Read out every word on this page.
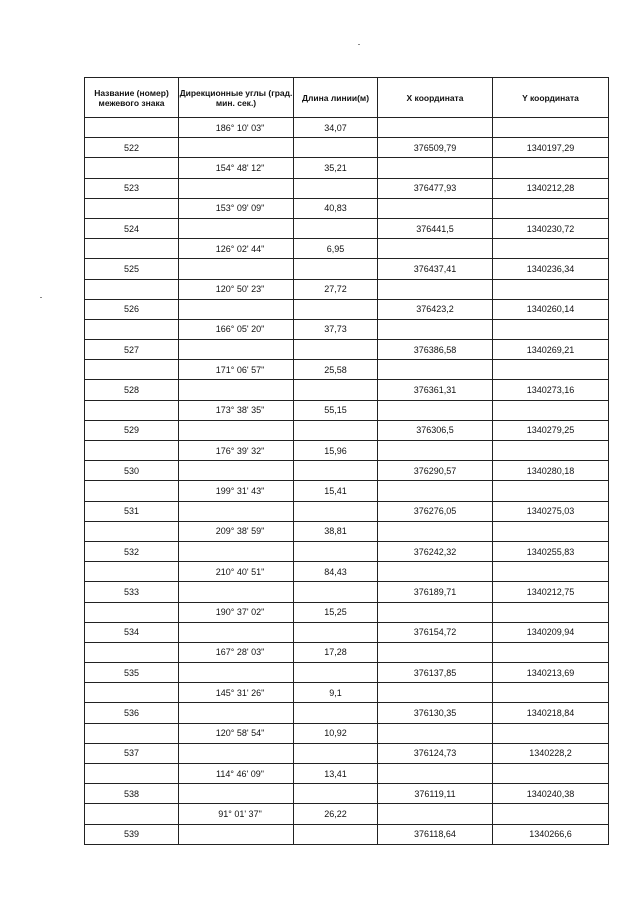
Название (номер) межевого знака	Дирекционные углы (град. мин. сек.)	Длина линии(м)	X координата	Y координата
	186° 10' 03"	34,07		
522			376509,79	1340197,29
	154° 48' 12"	35,21		
523			376477,93	1340212,28
	153° 09' 09"	40,83		
524			376441,5	1340230,72
	126° 02' 44"	6,95		
525			376437,41	1340236,34
	120° 50' 23"	27,72		
526			376423,2	1340260,14
	166° 05' 20"	37,73		
527			376386,58	1340269,21
	171° 06' 57"	25,58		
528			376361,31	1340273,16
	173° 38' 35"	55,15		
529			376306,5	1340279,25
	176° 39' 32"	15,96		
530			376290,57	1340280,18
	199° 31' 43"	15,41		
531			376276,05	1340275,03
	209° 38' 59"	38,81		
532			376242,32	1340255,83
	210° 40' 51"	84,43		
533			376189,71	1340212,75
	190° 37' 02"	15,25		
534			376154,72	1340209,94
	167° 28' 03"	17,28		
535			376137,85	1340213,69
	145° 31' 26"	9,1		
536			376130,35	1340218,84
	120° 58' 54"	10,92		
537			376124,73	1340228,2
	114° 46' 09"	13,41		
538			376119,11	1340240,38
	91° 01' 37"	26,22		
539			376118,64	1340266,6
